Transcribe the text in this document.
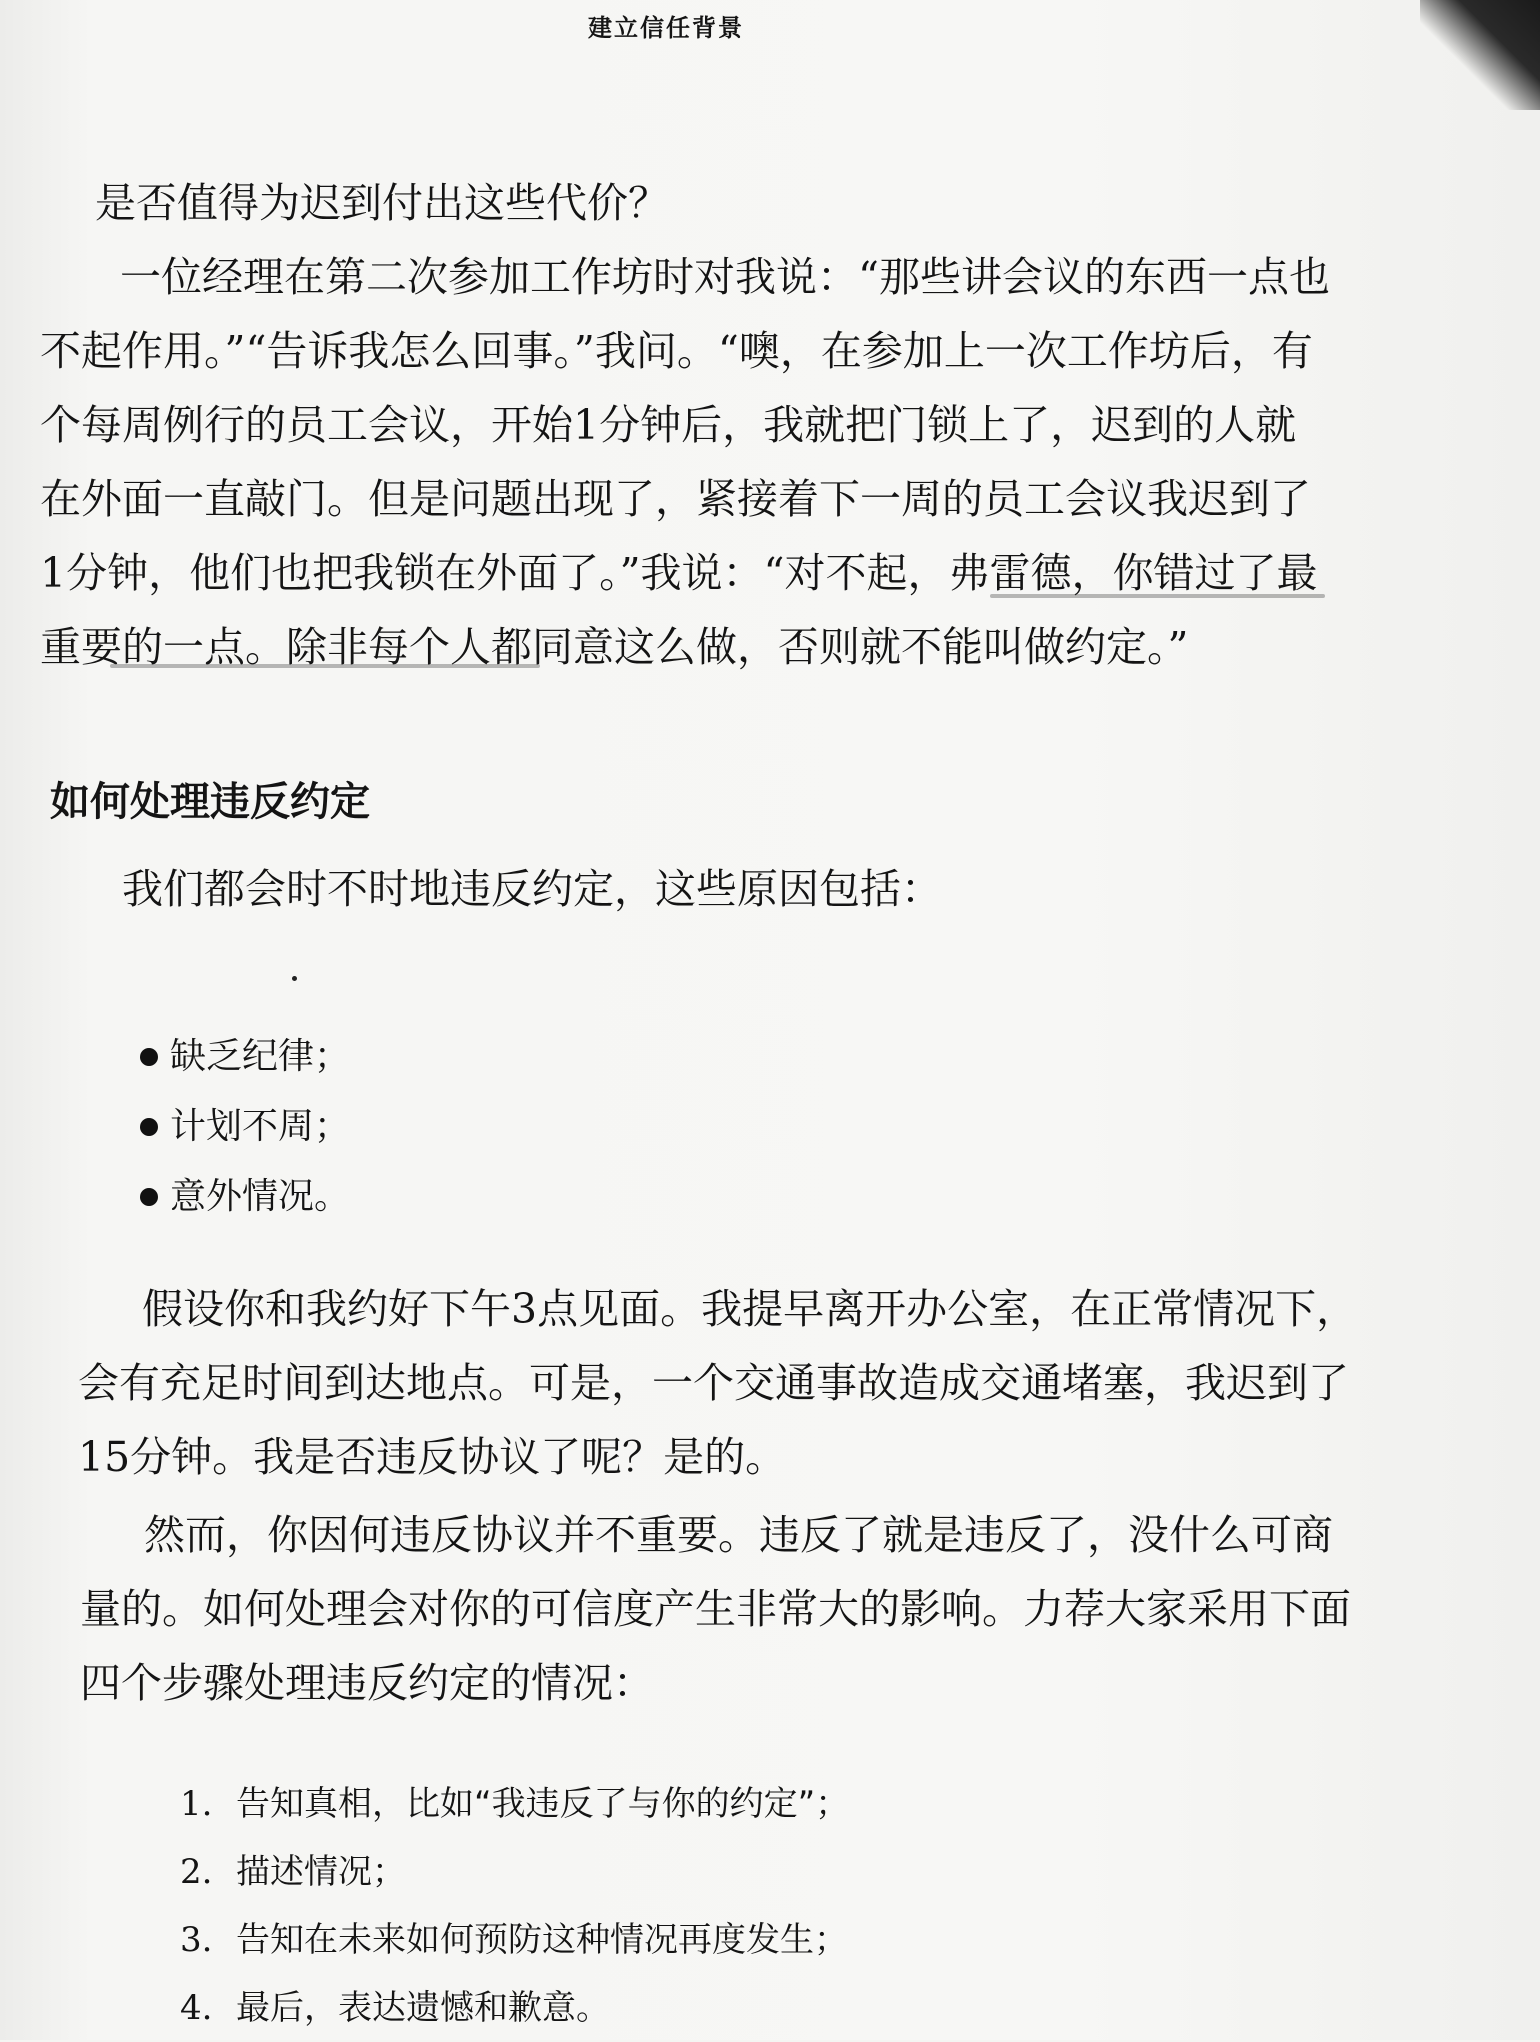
建立信任背景

是否值得为迟到付出这些代价？

一位经理在第二次参加工作坊时对我说：“那些讲会议的东西一点也不起作用。”“告诉我怎么回事。”我问。“噢，在参加上一次工作坊后，有个每周例行的员工会议，开始1分钟后，我就把门锁上了，迟到的人就在外面一直敲门。但是问题出现了，紧接着下一周的员工会议我迟到了1分钟，他们也把我锁在外面了。”我说：“对不起，弗雷德，你错过了最重要的一点。除非每个人都同意这么做，否则就不能叫做约定。”

如何处理违反约定

我们都会时不时地违反约定，这些原因包括：

缺乏纪律；
计划不周；
意外情况。

假设你和我约好下午3点见面。我提早离开办公室，在正常情况下，会有充足时间到达地点。可是，一个交通事故造成交通堵塞，我迟到了15分钟。我是否违反协议了呢？是的。

然而，你因何违反协议并不重要。违反了就是违反了，没什么可商量的。如何处理会对你的可信度产生非常大的影响。力荐大家采用下面四个步骤处理违反约定的情况：

1. 告知真相，比如“我违反了与你的约定”；
2. 描述情况；
3. 告知在未来如何预防这种情况再度发生；
4. 最后，表达遗憾和歉意。
